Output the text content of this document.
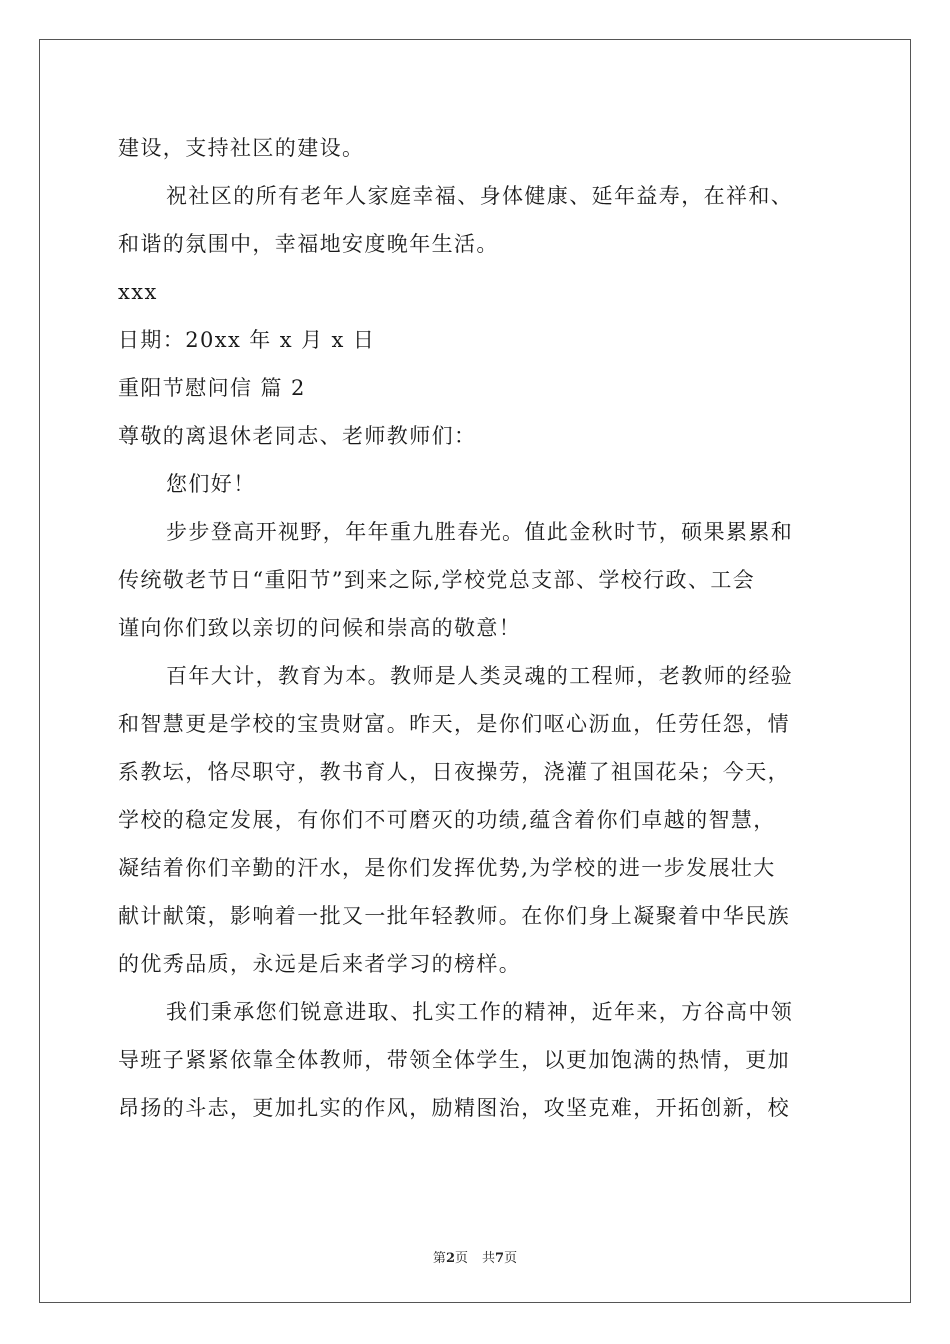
建设，支持社区的建设。
祝社区的所有老年人家庭幸福、身体健康、延年益寿，在祥和、
和谐的氛围中，幸福地安度晚年生活。
xxx
日期：20xx 年 x 月 x 日
重阳节慰问信 篇 2
尊敬的离退休老同志、老师教师们：
您们好！
步步登高开视野，年年重九胜春光。值此金秋时节，硕果累累和
传统敬老节日“重阳节”到来之际,学校党总支部、学校行政、工会
谨向你们致以亲切的问候和崇高的敬意！
百年大计，教育为本。教师是人类灵魂的工程师，老教师的经验
和智慧更是学校的宝贵财富。昨天，是你们呕心沥血，任劳任怨，情
系教坛，恪尽职守，教书育人，日夜操劳，浇灌了祖国花朵；今天，
学校的稳定发展，有你们不可磨灭的功绩,蕴含着你们卓越的智慧，
凝结着你们辛勤的汗水，是你们发挥优势,为学校的进一步发展壮大
献计献策，影响着一批又一批年轻教师。在你们身上凝聚着中华民族
的优秀品质，永远是后来者学习的榜样。
我们秉承您们锐意进取、扎实工作的精神，近年来，方谷高中领
导班子紧紧依靠全体教师，带领全体学生，以更加饱满的热情，更加
昂扬的斗志，更加扎实的作风，励精图治，攻坚克难，开拓创新，校
第2页 共7页
